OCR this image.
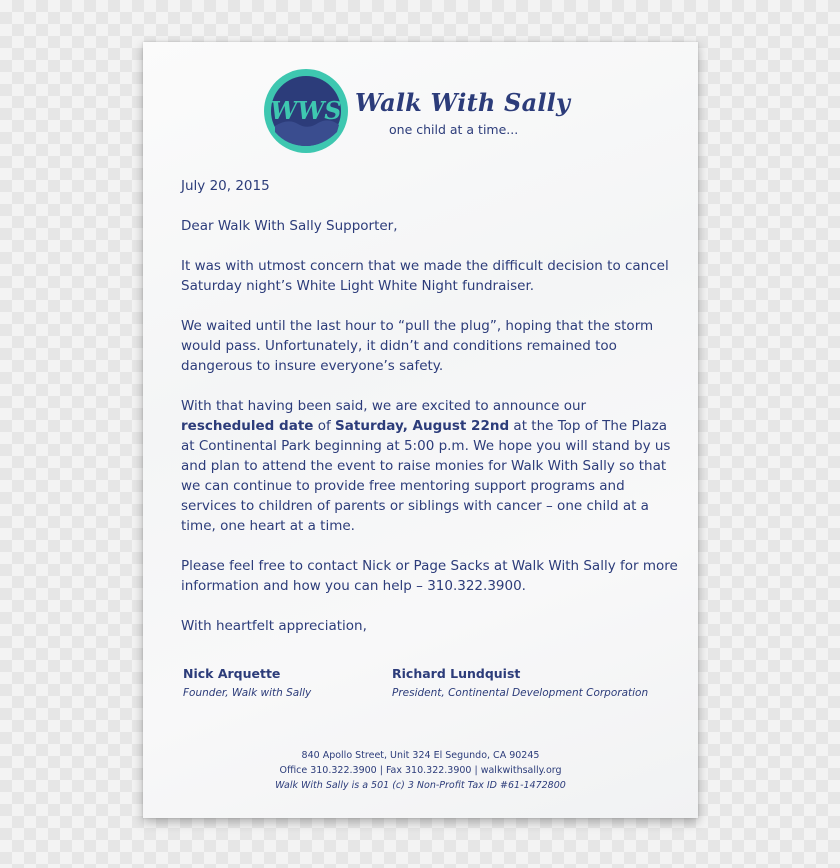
WWS Walk With Sally
one child at a time...

July 20, 2015

Dear Walk With Sally Supporter,

It was with utmost concern that we made the difficult decision to cancel Saturday night’s White Light White Night fundraiser.

We waited until the last hour to “pull the plug”, hoping that the storm would pass. Unfortunately, it didn’t and conditions remained too dangerous to insure everyone’s safety.

With that having been said, we are excited to announce our rescheduled date of Saturday, August 22nd at the Top of The Plaza at Continental Park beginning at 5:00 p.m. We hope you will stand by us and plan to attend the event to raise monies for Walk With Sally so that we can continue to provide free mentoring support programs and services to children of parents or siblings with cancer – one child at a time, one heart at a time.

Please feel free to contact Nick or Page Sacks at Walk With Sally for more information and how you can help – 310.322.3900.

With heartfelt appreciation,

Nick Arquette
Founder, Walk with Sally
Richard Lundquist
President, Continental Development Corporation
840 Apollo Street, Unit 324 El Segundo, CA 90245
Office 310.322.3900 | Fax 310.322.3900 | walkwithsally.org
Walk With Sally is a 501 (c) 3 Non-Profit Tax ID #61-1472800
